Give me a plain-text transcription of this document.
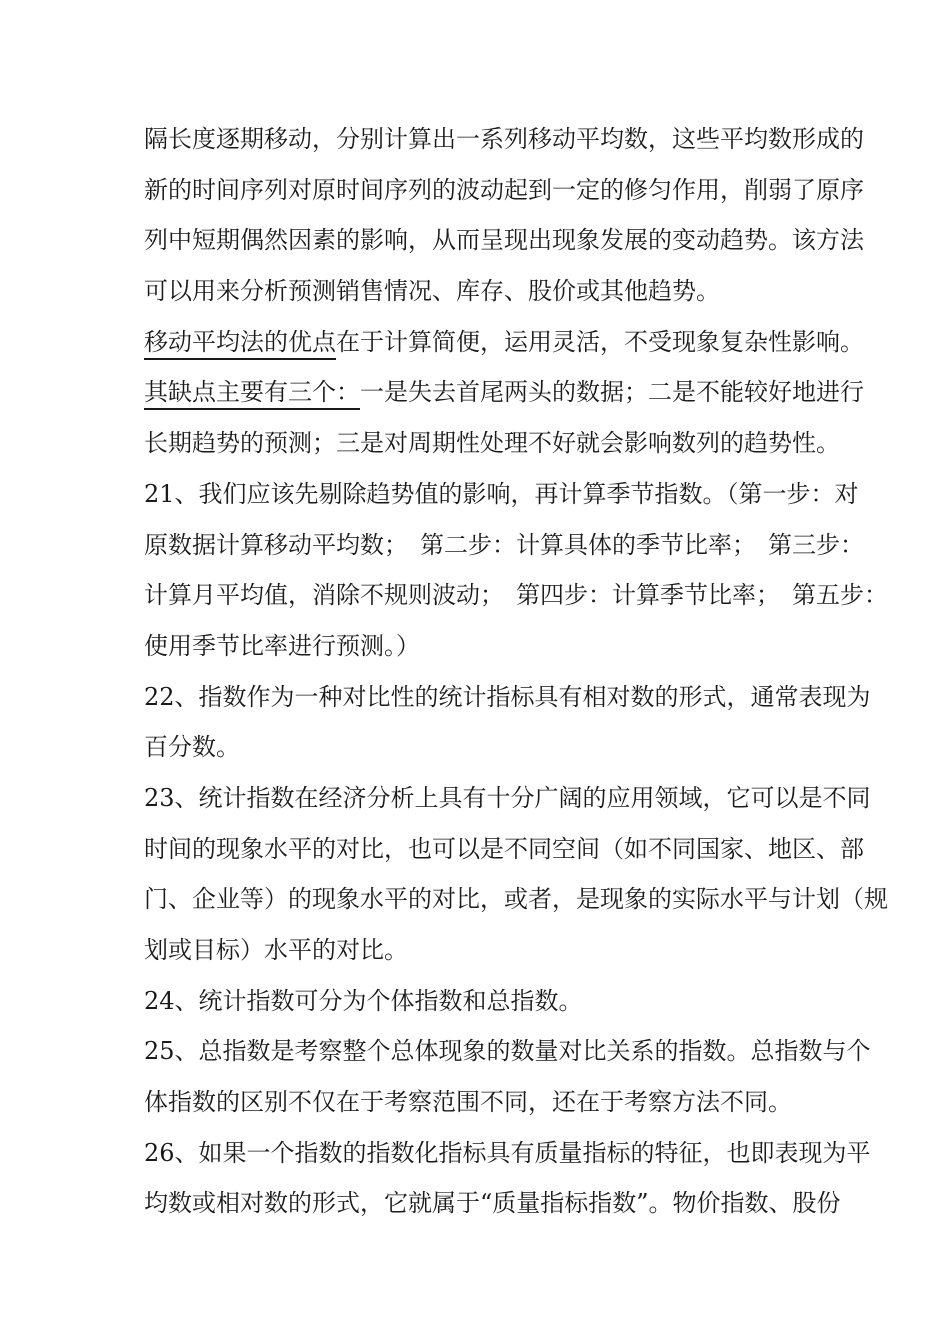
隔长度逐期移动，分别计算出一系列移动平均数，这些平均数形成的
新的时间序列对原时间序列的波动起到一定的修匀作用，削弱了原序
列中短期偶然因素的影响，从而呈现出现象发展的变动趋势。该方法
可以用来分析预测销售情况、库存、股价或其他趋势。
移动平均法的优点在于计算简便，运用灵活，不受现象复杂性影响。
其缺点主要有三个：一是失去首尾两头的数据；二是不能较好地进行
长期趋势的预测；三是对周期性处理不好就会影响数列的趋势性。
21、我们应该先剔除趋势值的影响，再计算季节指数。（第一步：对
原数据计算移动平均数；　第二步：计算具体的季节比率；　第三步：
计算月平均值，消除不规则波动；　第四步：计算季节比率；　第五步：
使用季节比率进行预测。）
22、指数作为一种对比性的统计指标具有相对数的形式，通常表现为
百分数。
23、统计指数在经济分析上具有十分广阔的应用领域，它可以是不同
时间的现象水平的对比，也可以是不同空间（如不同国家、地区、部
门、企业等）的现象水平的对比，或者，是现象的实际水平与计划（规
划或目标）水平的对比。
24、统计指数可分为个体指数和总指数。
25、总指数是考察整个总体现象的数量对比关系的指数。总指数与个
体指数的区别不仅在于考察范围不同，还在于考察方法不同。
26、如果一个指数的指数化指标具有质量指标的特征，也即表现为平
均数或相对数的形式，它就属于“质量指标指数”。物价指数、股份
